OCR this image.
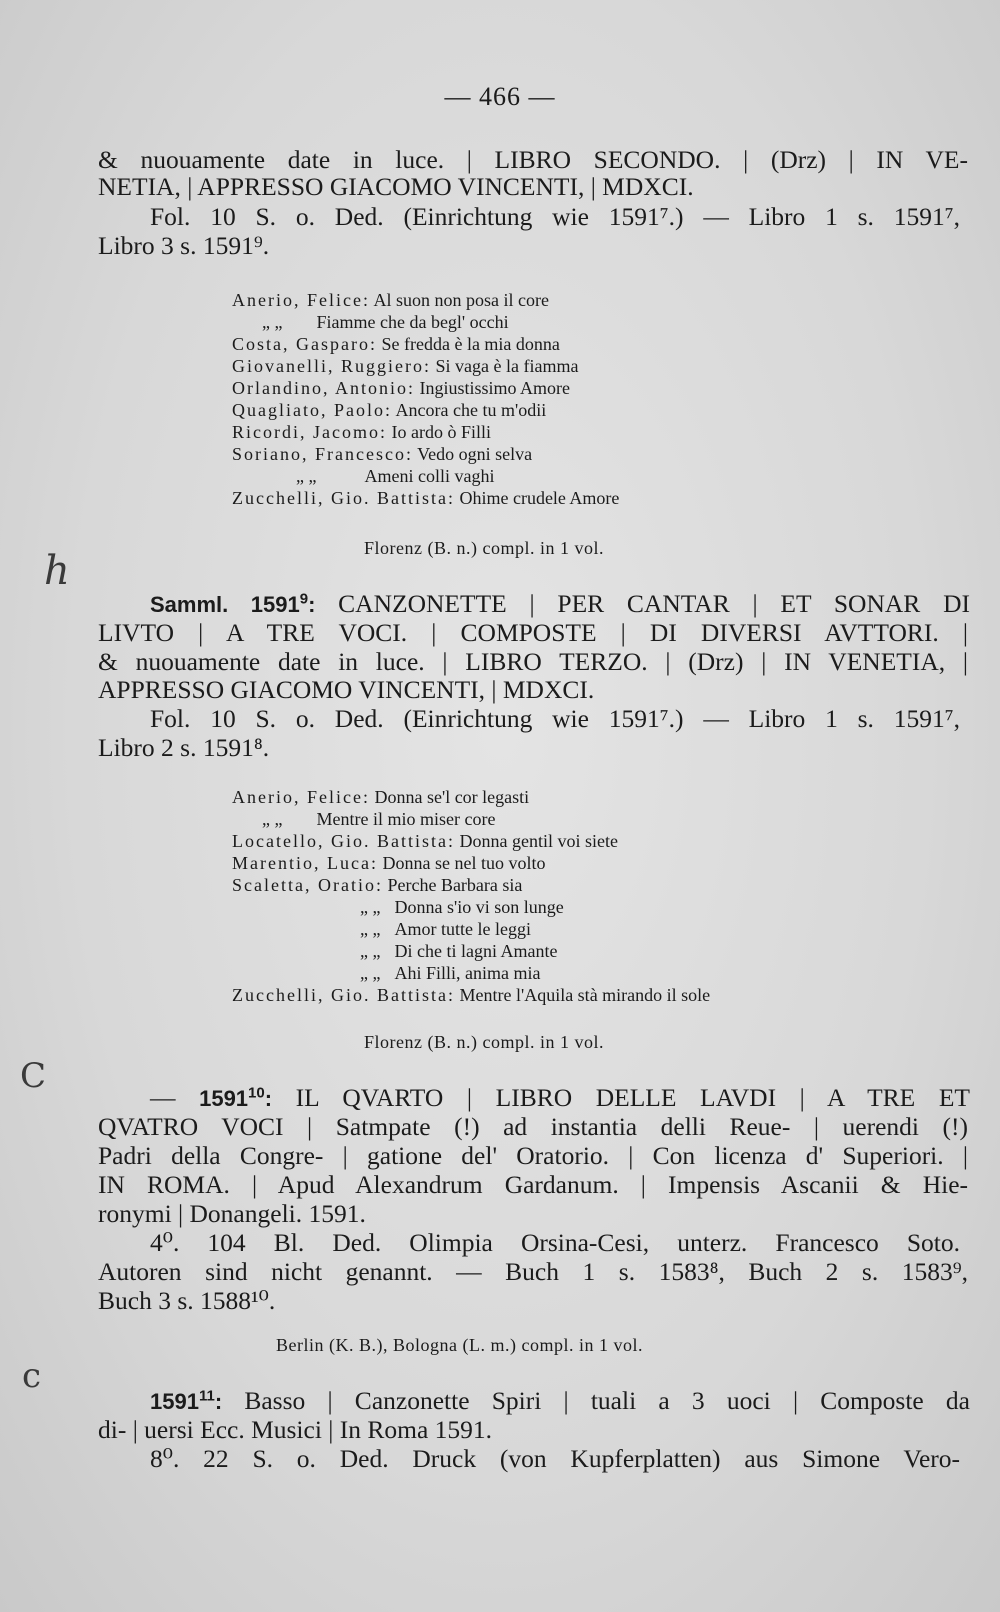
— 466 —
& nuouamente date in luce. | LIBRO SECONDO. | (Drz) | IN VE-
NETIA, | APPRESSO GIACOMO VINCENTI, | MDXCI.
Fol. 10 S. o. Ded. (Einrichtung wie 1591⁷.) — Libro 1 s. 1591⁷,
Libro 3 s. 1591⁹.
Anerio, Felice: Al suon non posa il core
„ „ Fiamme che da begl' occhi
Costa, Gasparo: Se fredda è la mia donna
Giovanelli, Ruggiero: Si vaga è la fiamma
Orlandino, Antonio: Ingiustissimo Amore
Quagliato, Paolo: Ancora che tu m'odii
Ricordi, Jacomo: Io ardo ò Filli
Soriano, Francesco: Vedo ogni selva
„ „	Ameni colli vaghi
Zucchelli, Gio. Battista: Ohime crudele Amore
Florenz (B. n.) compl. in 1 vol.
Samml. 1591$^9$: CANZONETTE | PER CANTAR | ET SONAR DI
LIVTO | A TRE VOCI. | COMPOSTE | DI DIVERSI AVTTORI. |
& nuouamente date in luce. | LIBRO TERZO. | (Drz) | IN VENETIA, |
APPRESSO GIACOMO VINCENTI, | MDXCI.
Fol. 10 S. o. Ded. (Einrichtung wie 1591⁷.) — Libro 1 s. 1591⁷,
Libro 2 s. 1591⁸.
Anerio, Felice: Donna se'l cor legasti
„ „ Mentre il mio miser core
Locatello, Gio. Battista: Donna gentil voi siete
Marentio, Luca: Donna se nel tuo volto
Scaletta, Oratio: Perche Barbara sia
„ „ Donna s'io vi son lunge
„ „ Amor tutte le leggi
„ „ Di che ti lagni Amante
„ „ Ahi Filli, anima mia
Zucchelli, Gio. Battista: Mentre l'Aquila stà mirando il sole
Florenz (B. n.) compl. in 1 vol.
— 1591$^{10}$: IL QVARTO | LIBRO DELLE LAVDI | A TRE ET
QVATRO VOCI | Satmpate (!) ad instantia delli Reue- | uerendi (!)
Padri della Congre- | gatione del' Oratorio. | Con licenza d' Superiori. |
IN ROMA. | Apud Alexandrum Gardanum. | Impensis Ascanii & Hie-
ronymi | Donangeli. 1591.
4⁰. 104 Bl. Ded. Olimpia Orsina-Cesi, unterz. Francesco Soto.
Autoren sind nicht genannt. — Buch 1 s. 1583⁸, Buch 2 s. 1583⁹,
Buch 3 s. 1588¹⁰.
Berlin (K. B.), Bologna (L. m.) compl. in 1 vol.
1591$^{11}$: Basso | Canzonette Spiri | tuali a 3 uoci | Composte da
di- | uersi Ecc. Musici | In Roma 1591.
8⁰. 22 S. o. Ded. Druck (von Kupferplatten) aus Simone Vero-
h
C
c
